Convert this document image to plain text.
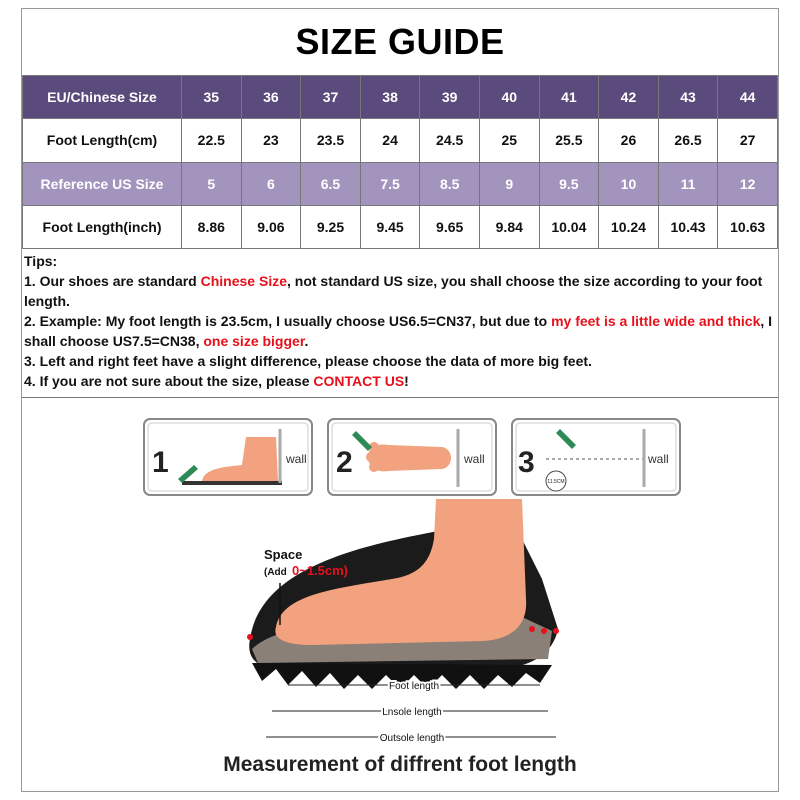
SIZE GUIDE
EU/Chinese Size	35	36	37	38	39	40	41	42	43	44
Foot Length(cm)	22.5	23	23.5	24	24.5	25	25.5	26	26.5	27
Reference US Size	5	6	6.5	7.5	8.5	9	9.5	10	11	12
Foot Length(inch)	8.86	9.06	9.25	9.45	9.65	9.84	10.04	10.24	10.43	10.63

Tips:

1. Our shoes are standard Chinese Size, not standard US size, you shall choose the size according to your foot length.

2. Example: My foot length is 23.5cm, I usually choose US6.5=CN37, but due to my feet is a little wide and thick, I shall choose US7.5=CN38, one size bigger.

3. Left and right feet have a slight difference, please choose the data of more big feet.

4. If you are not sure about the size, please CONTACT US!

1	wall 2	wall 3
11.5CM
wall
Space
(Add 0~1.5cm)
Foot length
Lnsole length
Outsole length
Measurement of diffrent foot length
